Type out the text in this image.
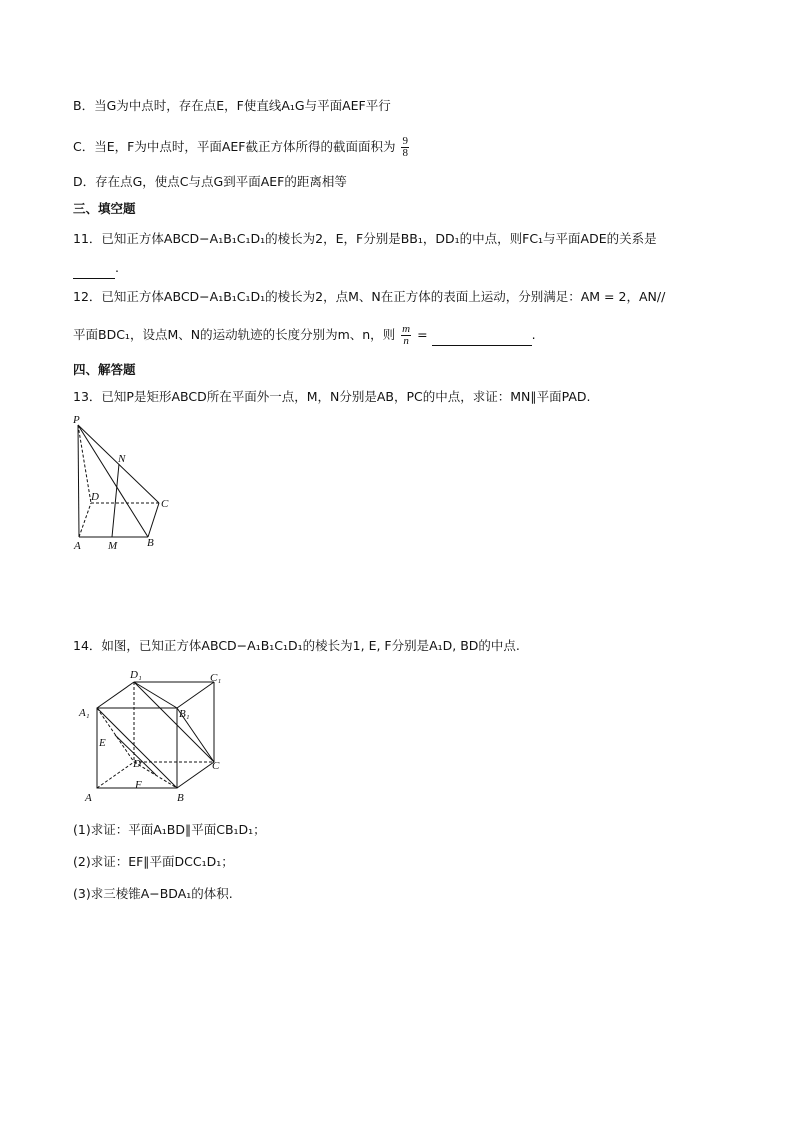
B．当G为中点时，存在点E，F使直线A₁G与平面AEF平行
C．当E，F为中点时，平面AEF截正方体所得的截面面积为 $\frac{9}{8}$
D．存在点G，使点C与点G到平面AEF的距离相等
三、填空题
11．已知正方体ABCD−A₁B₁C₁D₁的棱长为2，E，F分别是BB₁，DD₁的中点，则FC₁与平面ADE的关系是
.
12．已知正方体ABCD−A₁B₁C₁D₁的棱长为2，点M、N在正方体的表面上运动，分别满足：AM = 2，AN//
平面BDC₁，设点M、N的运动轨迹的长度分别为m、n，则 $\frac{m}{n}$ =	.
四、解答题
13．已知P是矩形ABCD所在平面外一点，M，N分别是AB，PC的中点，求证：MN∥平面PAD.
P
N
D
C
A M	B
14．如图，已知正方体ABCD−A₁B₁C₁D₁的棱长为1, E, F分别是A₁D, BD的中点.
D₁	C₁
A₁	B₁
E
D	C
F
A	B
(1)求证：平面A₁BD∥平面CB₁D₁；
(2)求证：EF∥平面DCC₁D₁；
(3)求三棱锥A−BDA₁的体积.
